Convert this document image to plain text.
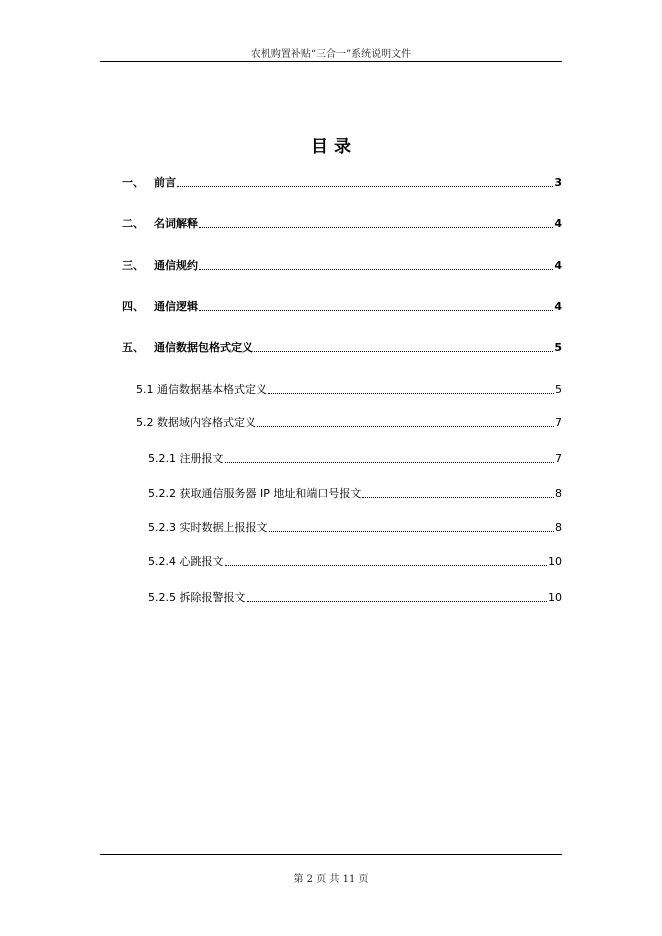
农机购置补贴“三合一”系统说明文件
目 录
一、 前言	3
二、 名词解释	4
三、 通信规约	4
四、 通信逻辑	4
五、 通信数据包格式定义	5
5.1 通信数据基本格式定义	5
5.2 数据域内容格式定义	7
5.2.1 注册报文	7
5.2.2 获取通信服务器 IP 地址和端口号报文	8
5.2.3 实时数据上报报文	8
5.2.4 心跳报文	10
5.2.5 拆除报警报文	10
第 2 页 共 11 页
